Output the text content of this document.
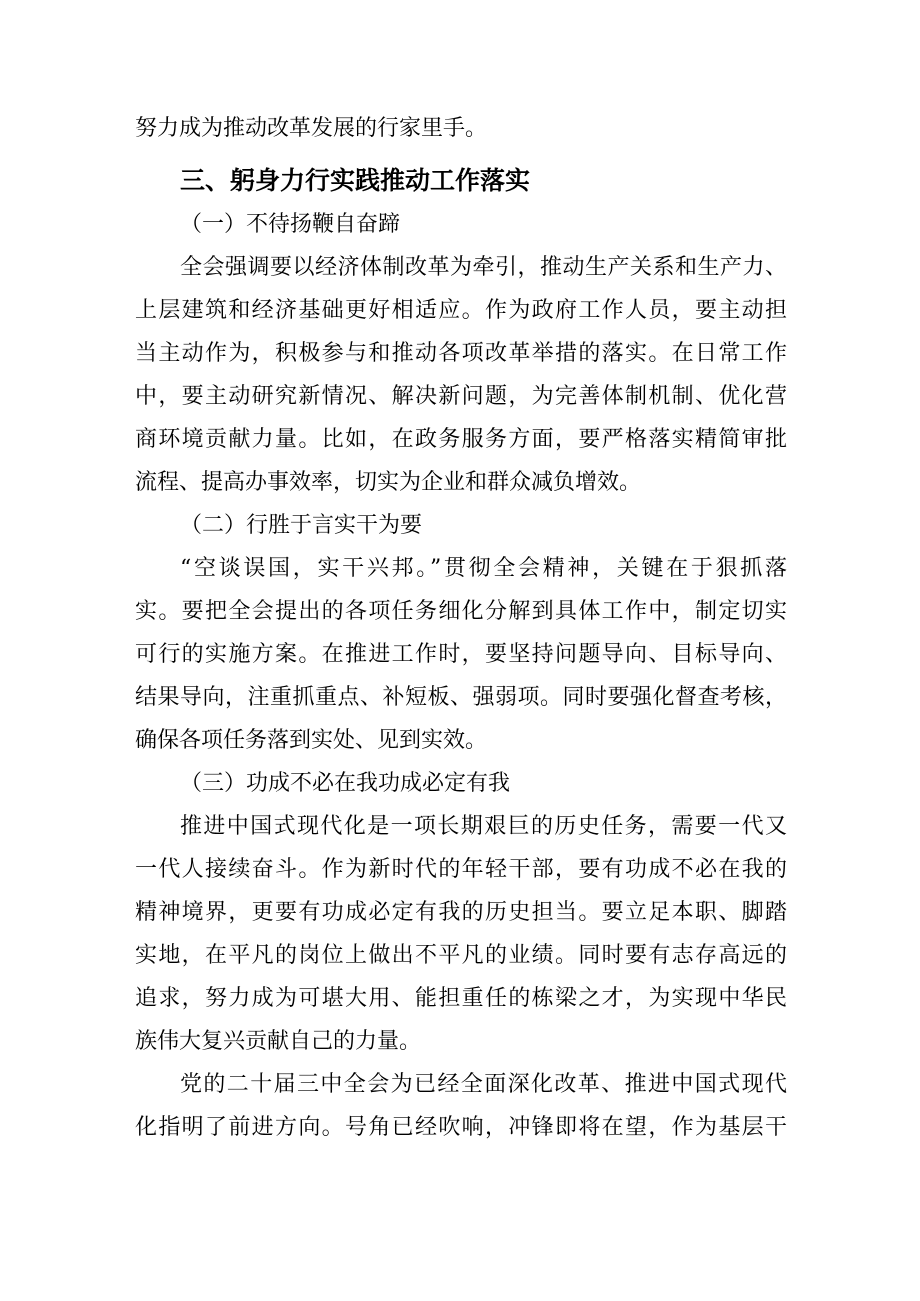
努力成为推动改革发展的行家里手。
三、躬身力行实践推动工作落实
（一）不待扬鞭自奋蹄
全会强调要以经济体制改革为牵引，推动生产关系和生产力、
上层建筑和经济基础更好相适应。作为政府工作人员，要主动担
当主动作为，积极参与和推动各项改革举措的落实。在日常工作
中，要主动研究新情况、解决新问题，为完善体制机制、优化营
商环境贡献力量。比如，在政务服务方面，要严格落实精简审批
流程、提高办事效率，切实为企业和群众减负增效。
（二）行胜于言实干为要
“空谈误国，实干兴邦。”贯彻全会精神，关键在于狠抓落
实。要把全会提出的各项任务细化分解到具体工作中，制定切实
可行的实施方案。在推进工作时，要坚持问题导向、目标导向、
结果导向，注重抓重点、补短板、强弱项。同时要强化督查考核，
确保各项任务落到实处、见到实效。
（三）功成不必在我功成必定有我
推进中国式现代化是一项长期艰巨的历史任务，需要一代又
一代人接续奋斗。作为新时代的年轻干部，要有功成不必在我的
精神境界，更要有功成必定有我的历史担当。要立足本职、脚踏
实地，在平凡的岗位上做出不平凡的业绩。同时要有志存高远的
追求，努力成为可堪大用、能担重任的栋梁之才，为实现中华民
族伟大复兴贡献自己的力量。
党的二十届三中全会为已经全面深化改革、推进中国式现代
化指明了前进方向。号角已经吹响，冲锋即将在望，作为基层干
